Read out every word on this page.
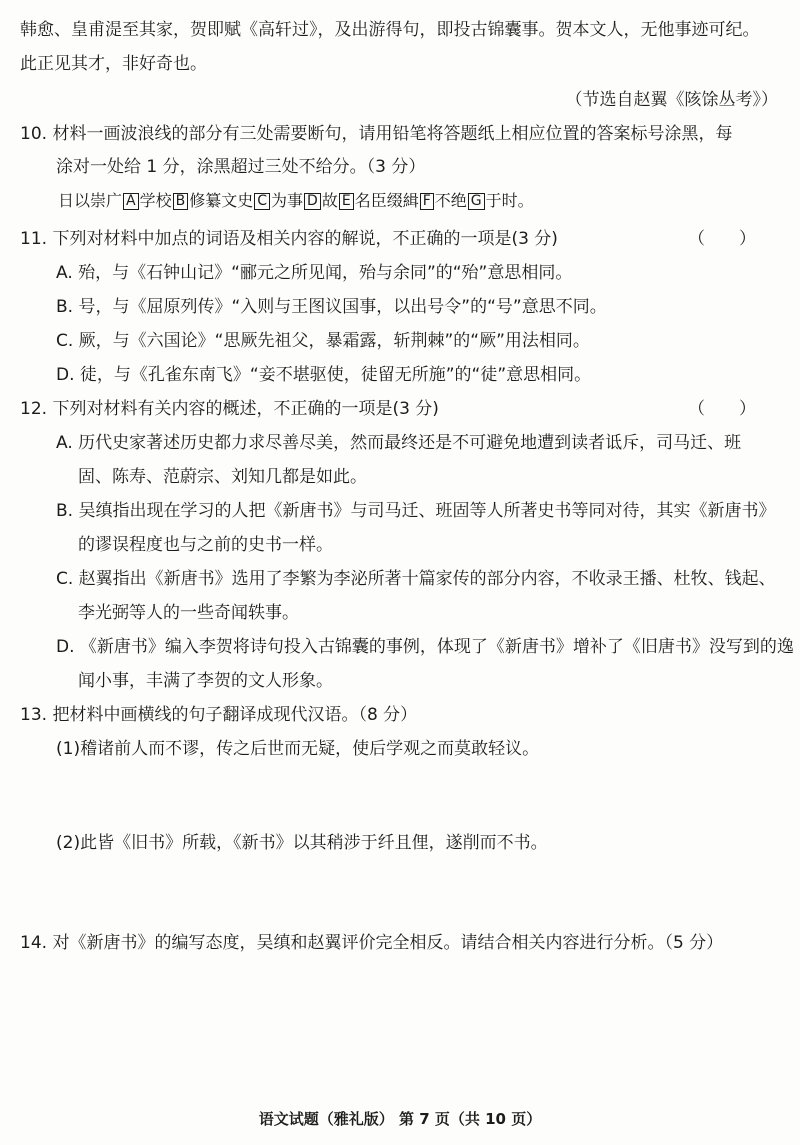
韩愈、皇甫湜至其家，贺即赋《高轩过》，及出游得句，即投古锦囊事。贺本文人，无他事迹可纪。
此正见其才，非好奇也。
（节选自赵翼《陔馀丛考》）
10. 材料一画波浪线的部分有三处需要断句，请用铅笔将答题纸上相应位置的答案标号涂黑，每
涂对一处给 1 分，涂黑超过三处不给分。（3 分）
日以崇广 A 学校 B 修纂文史 C 为事 D 故 E 名臣缀緝 F 不绝 G 于时。
11. 下列对材料中加点的词语及相关内容的解说，不正确的一项是(3 分)	（　　）
A. 殆，与《石钟山记》“郦元之所见闻，殆与余同”的“殆”意思相同。
B. 号，与《屈原列传》“入则与王图议国事，以出号令”的“号”意思不同。
C. 厥，与《六国论》“思厥先祖父，暴霜露，斩荆棘”的“厥”用法相同。
D. 徒，与《孔雀东南飞》“妾不堪驱使，徒留无所施”的“徒”意思相同。
12. 下列对材料有关内容的概述，不正确的一项是(3 分)	（　　）
A. 历代史家著述历史都力求尽善尽美，然而最终还是不可避免地遭到读者诋斥，司马迁、班
固、陈寿、范蔚宗、刘知几都是如此。
B. 吴缜指出现在学习的人把《新唐书》与司马迁、班固等人所著史书等同对待，其实《新唐书》
的谬误程度也与之前的史书一样。
C. 赵翼指出《新唐书》选用了李繁为李泌所著十篇家传的部分内容，不收录王播、杜牧、钱起、
李光弼等人的一些奇闻轶事。
D. 《新唐书》编入李贺将诗句投入古锦囊的事例，体现了《新唐书》增补了《旧唐书》没写到的逸
闻小事，丰满了李贺的文人形象。
13. 把材料中画横线的句子翻译成现代汉语。（8 分）
(1)稽诸前人而不谬，传之后世而无疑，使后学观之而莫敢轻议。
(2)此皆《旧书》所载，《新书》以其稍涉于纤且俚，遂削而不书。
14. 对《新唐书》的编写态度，吴缜和赵翼评价完全相反。请结合相关内容进行分析。（5 分）
语文试题（雅礼版） 第 7 页（共 10 页）
